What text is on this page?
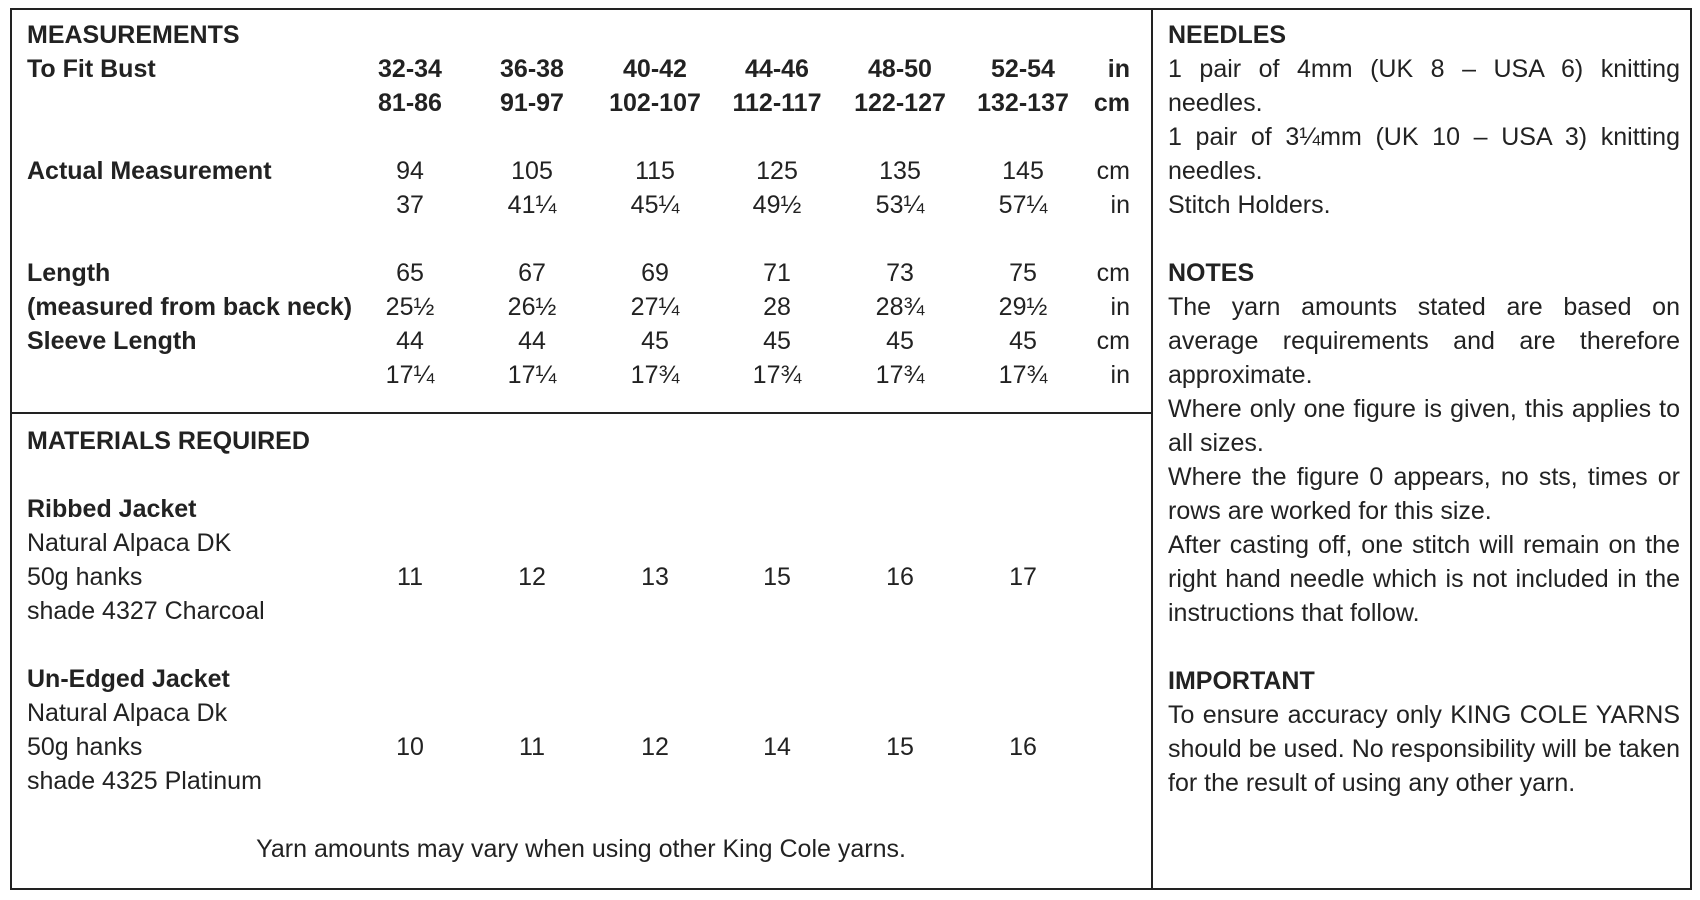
MEASUREMENTS
To Fit Bust	32-34 36-38 40-42 44-46 48-50 52-54 in
81-86 91-97 102-107 112-117 122-127 132-137 cm
Actual Measurement	94	105	115	125	135	145 cm
37	41¼	45¼	49½	53¼	57¼	in
Length	65	67	69	71	73	75 cm
(measured from back neck) 25½	26½	27¼	28	28¾	29½	in
Sleeve Length	44	44	45	45	45	45 cm
17¼	17¼	17¾	17¾	17¾	17¾	in
MATERIALS REQUIRED
Ribbed Jacket
Natural Alpaca DK
50g hanks
shade 4327 Charcoal
11	12	13	15	16	17
Un-Edged Jacket
Natural Alpaca Dk
50g hanks
shade 4325 Platinum
10	11	12	14	15	16
Yarn amounts may vary when using other King Cole yarns.
NEEDLES
1 pair of 4mm (UK 8 – USA 6) knitting needles.
1 pair of 3¼mm (UK 10 – USA 3) knitting needles.
Stitch Holders.
NOTES
The yarn amounts stated are based on average requirements and are therefore approximate.
Where only one figure is given, this applies to all sizes.
Where the figure 0 appears, no sts, times or rows are worked for this size.
After casting off, one stitch will remain on the right hand needle which is not included in the instructions that follow.
IMPORTANT
To ensure accuracy only KING COLE YARNS should be used. No responsibility will be taken for the result of using any other yarn.
